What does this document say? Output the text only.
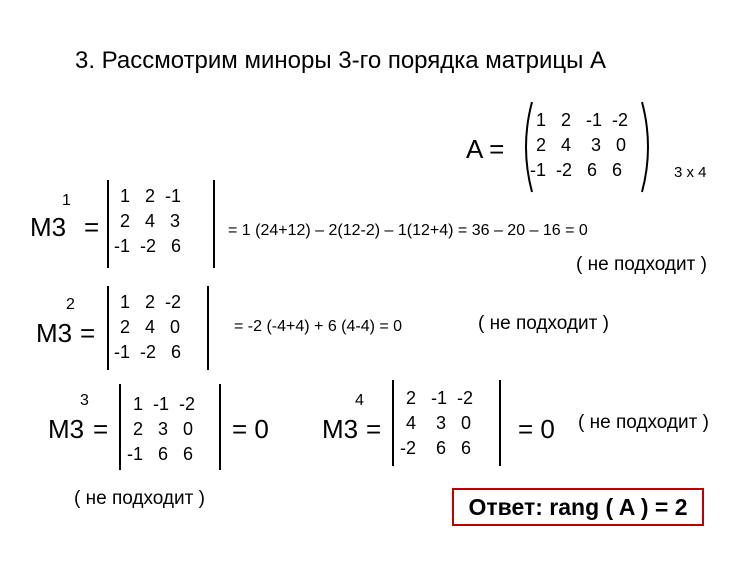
3. Рассмотрим миноры 3-го порядка матрицы A
A =
1   2   -1  -2
2   4    3   0
-1  -2   6   6	3 x 4
1
M3 =
1   2  -1
2   4   3
-1  -2   6
= 1 (24+12) – 2(12-2) – 1(12+4) = 36 – 20 – 16 = 0
( не подходит )
2
M3 =
1   2  -2
2   4   0
-1  -2   6
= -2 (-4+4) + 6 (4-4) = 0	( не подходит )
3
M3 =
1  -1  -2
2   3   0
-1   6   6
= 0
( не подходит )
4
M3 =
2   -1  -2
4    3   0
-2    6   6
= 0 ( не подходит )
Ответ: rang ( A ) = 2
